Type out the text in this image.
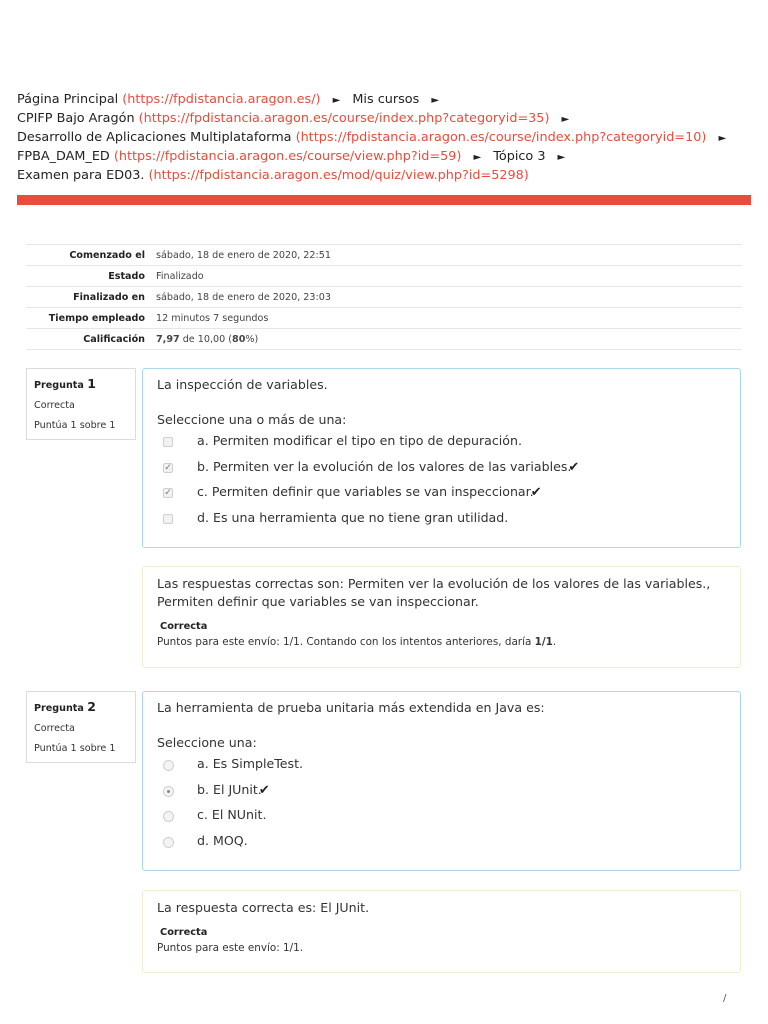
Página Principal (https://fpdistancia.aragon.es/) ► Mis cursos ►
CPIFP Bajo Aragón (https://fpdistancia.aragon.es/course/index.php?categoryid=35) ►
Desarrollo de Aplicaciones Multiplataforma (https://fpdistancia.aragon.es/course/index.php?categoryid=10) ►
FPBA_DAM_ED (https://fpdistancia.aragon.es/course/view.php?id=59) ► Tópico 3 ►
Examen para ED03. (https://fpdistancia.aragon.es/mod/quiz/view.php?id=5298)
Comenzado el	sábado, 18 de enero de 2020, 22:51
Estado	Finalizado
Finalizado en	sábado, 18 de enero de 2020, 23:03
Tiempo empleado	12 minutos 7 segundos
Calificación	7,97 de 10,00 (80%)
Pregunta 1
Correcta
Puntúa 1 sobre 1
La inspección de variables.
Seleccione una o más de una:
a. Permiten modificar el tipo en tipo de depuración.
✓ b. Permiten ver la evolución de los valores de las variables.✔
✓ c. Permiten definir que variables se van inspeccionar.✔
d. Es una herramienta que no tiene gran utilidad.
Las respuestas correctas son: Permiten ver la evolución de los valores de las variables., Permiten definir que variables se van inspeccionar.
Correcta
Puntos para este envío: 1/1. Contando con los intentos anteriores, daría 1/1.
Pregunta 2
Correcta
Puntúa 1 sobre 1
La herramienta de prueba unitaria más extendida en Java es:
Seleccione una:
a. Es SimpleTest.
b. El JUnit.✔
c. El NUnit.
d. MOQ.
La respuesta correcta es: El JUnit.
Correcta
Puntos para este envío: 1/1.
/
